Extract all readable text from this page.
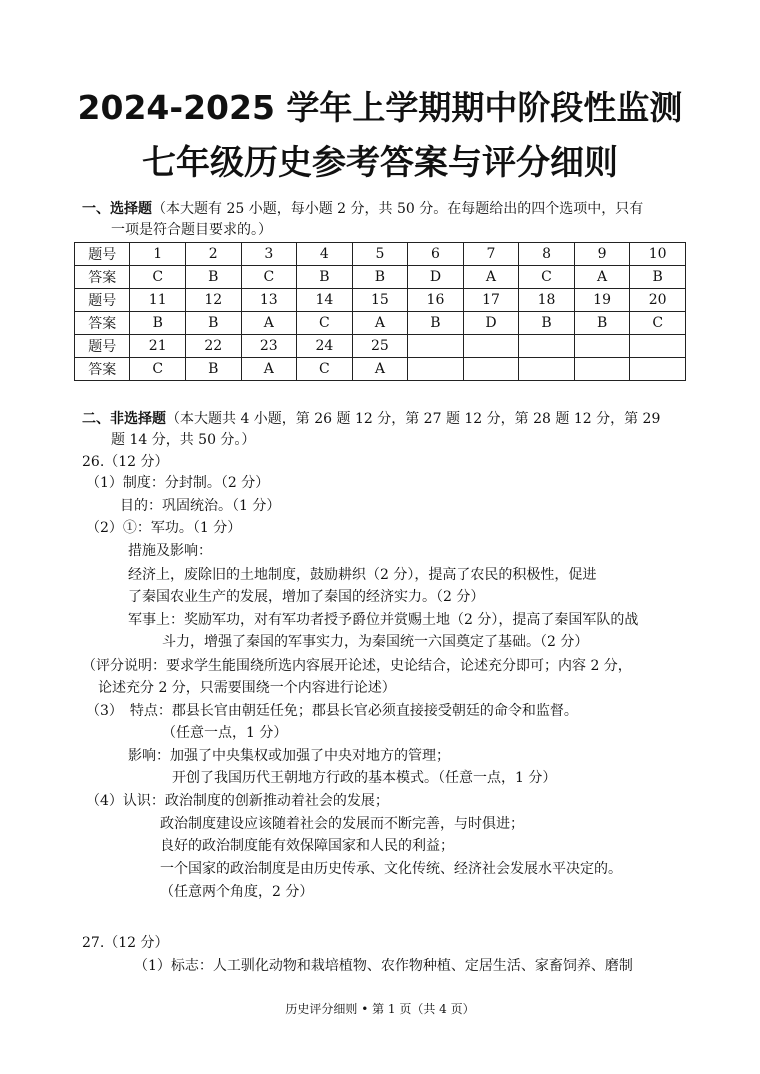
2024-2025 学年上学期期中阶段性监测
七年级历史参考答案与评分细则
一、选择题（本大题有 25 小题，每小题 2 分，共 50 分。在每题给出的四个选项中，只有
一项是符合题目要求的。）
题号	1	2	3	4	5	6	7	8	9	10
答案	C	B	C	B	B	D	A	C	A	B
题号	11	12	13	14	15	16	17	18	19	20
答案	B	B	A	C	A	B	D	B	B	C
题号	21	22	23	24	25					
答案	C	B	A	C	A					
二、非选择题（本大题共 4 小题，第 26 题 12 分，第 27 题 12 分，第 28 题 12 分，第 29
题 14 分，共 50 分。）
26.（12 分）
（1）制度：分封制。（2 分）
目的：巩固统治。（1 分）
（2）①：军功。（1 分）
措施及影响：
经济上，废除旧的土地制度，鼓励耕织（2 分），提高了农民的积极性，促进
了秦国农业生产的发展，增加了秦国的经济实力。（2 分）
军事上：奖励军功，对有军功者授予爵位并赏赐土地（2 分），提高了秦国军队的战
斗力，增强了秦国的军事实力，为秦国统一六国奠定了基础。（2 分）
（评分说明：要求学生能围绕所选内容展开论述，史论结合，论述充分即可；内容 2 分，
论述充分 2 分，只需要围绕一个内容进行论述）
（3）　特点：郡县长官由朝廷任免；郡县长官必须直接接受朝廷的命令和监督。
（任意一点，1 分）
影响：加强了中央集权或加强了中央对地方的管理；
开创了我国历代王朝地方行政的基本模式。（任意一点，1 分）
（4）认识：政治制度的创新推动着社会的发展；
政治制度建设应该随着社会的发展而不断完善，与时俱进；
良好的政治制度能有效保障国家和人民的利益；
一个国家的政治制度是由历史传承、文化传统、经济社会发展水平决定的。
（任意两个角度，2 分）
27.（12 分）
（1）标志：人工驯化动物和栽培植物、农作物种植、定居生活、家畜饲养、磨制
历史评分细则 • 第 1 页（共 4 页）
